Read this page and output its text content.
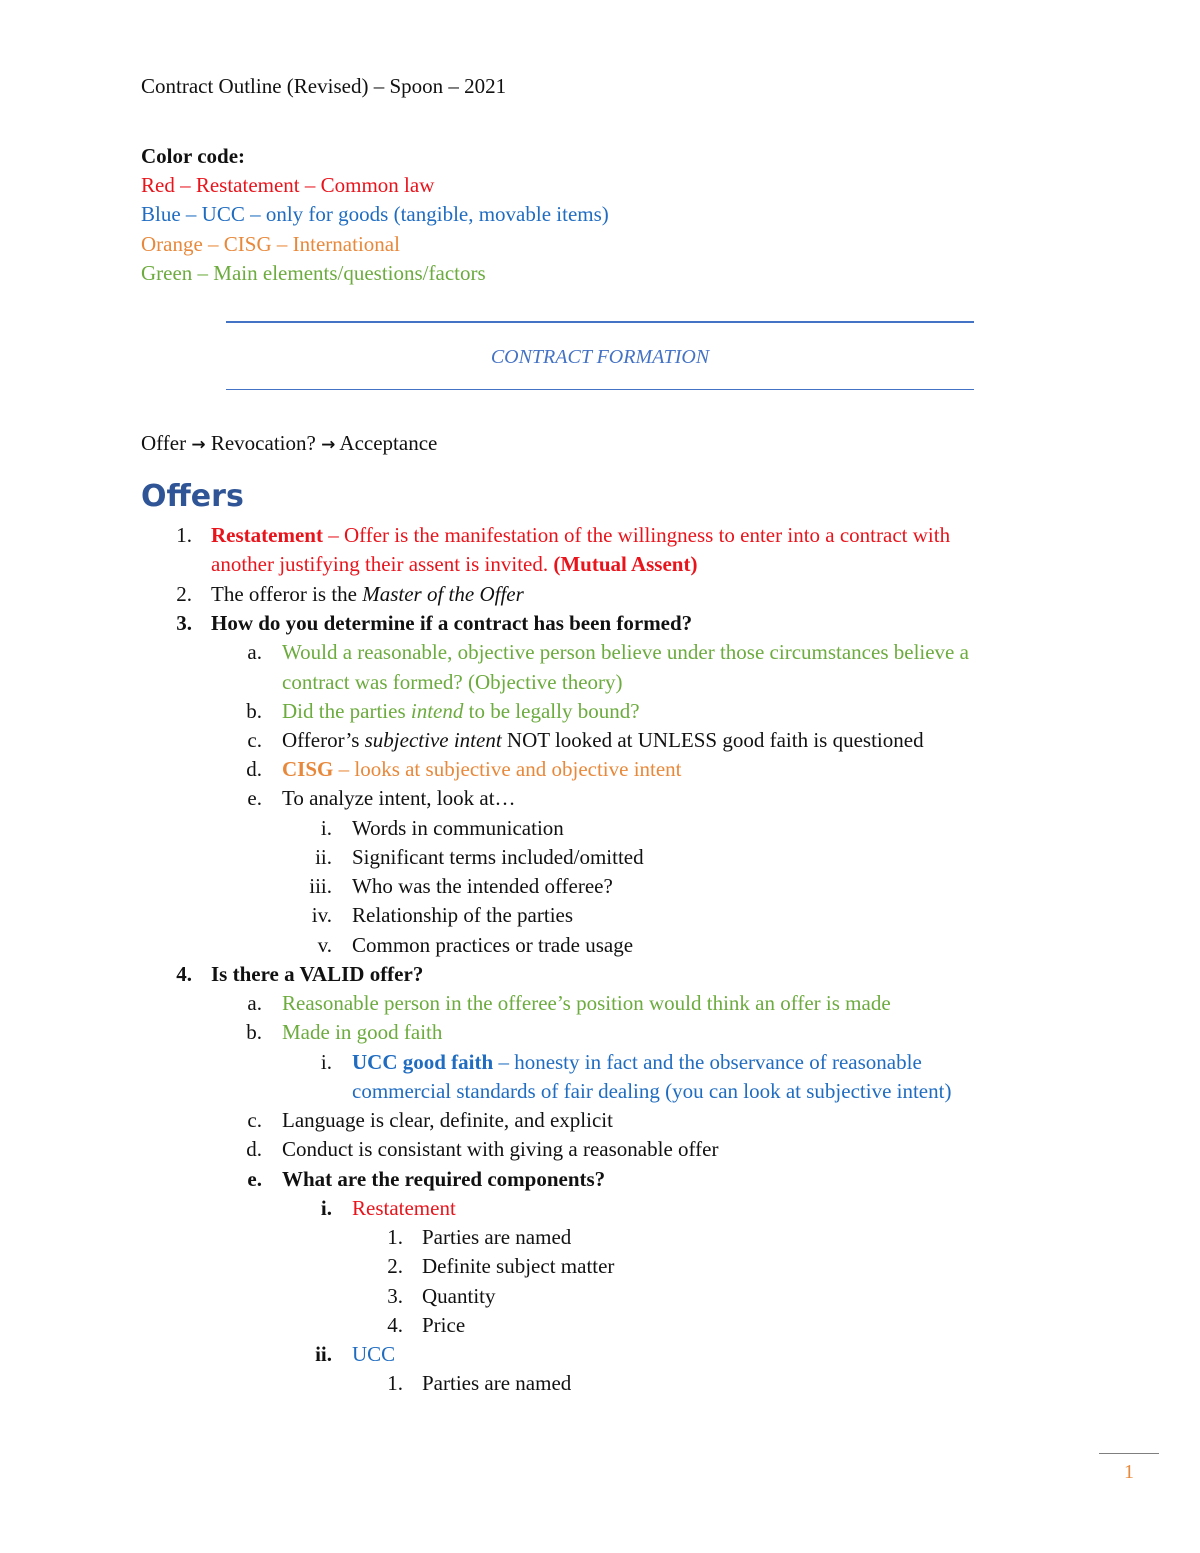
Contract Outline (Revised) – Spoon – 2021
Color code:
Red – Restatement – Common law
Blue – UCC – only for goods (tangible, movable items)
Orange – CISG – International
Green – Main elements/questions/factors
CONTRACT FORMATION
Offer → Revocation? → Acceptance
Offers
1. Restatement – Offer is the manifestation of the willingness to enter into a contract with
another justifying their assent is invited. (Mutual Assent)
2. The offeror is the Master of the Offer
3. How do you determine if a contract has been formed?
a. Would a reasonable, objective person believe under those circumstances believe a
contract was formed? (Objective theory)
b. Did the parties intend to be legally bound?
c. Offeror’s subjective intent NOT looked at UNLESS good faith is questioned
d. CISG – looks at subjective and objective intent
e. To analyze intent, look at…
i. Words in communication
ii. Significant terms included/omitted
iii. Who was the intended offeree?
iv. Relationship of the parties
v. Common practices or trade usage
4. Is there a VALID offer?
a. Reasonable person in the offeree’s position would think an offer is made
b. Made in good faith
i. UCC good faith – honesty in fact and the observance of reasonable
commercial standards of fair dealing (you can look at subjective intent)
c. Language is clear, definite, and explicit
d. Conduct is consistant with giving a reasonable offer
e. What are the required components?
i. Restatement
1. Parties are named
2. Definite subject matter
3. Quantity
4. Price
ii. UCC
1. Parties are named
1
